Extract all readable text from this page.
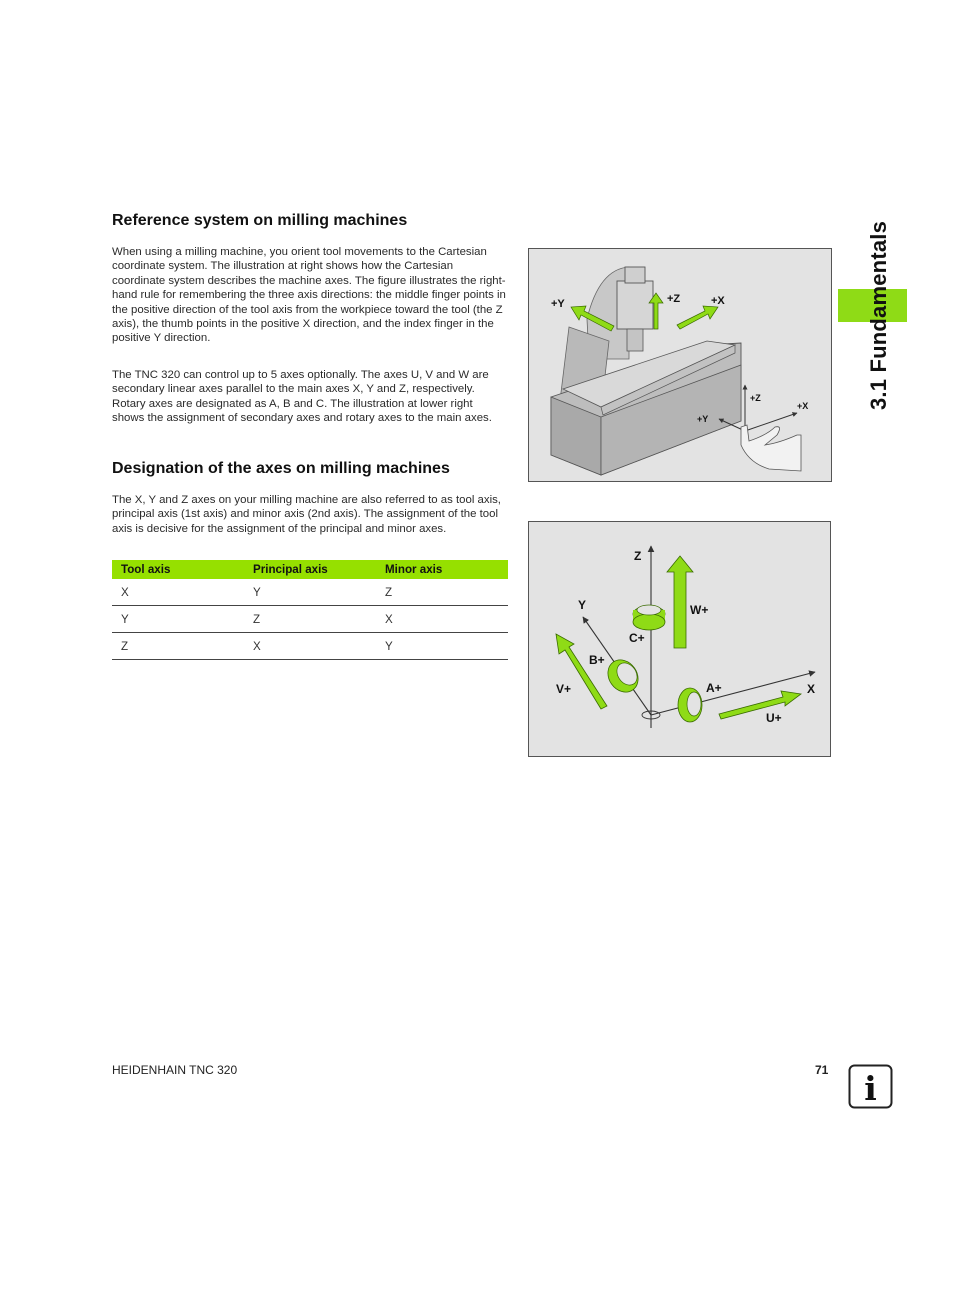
Reference system on milling machines

When using a milling machine, you orient tool movements to the Cartesian coordinate system. The illustration at right shows how the Cartesian coordinate system describes the machine axes. The figure illustrates the right-hand rule for remembering the three axis directions: the middle finger points in the positive direction of the tool axis from the workpiece toward the tool (the Z axis), the thumb points in the positive X direction, and the index finger in the positive Y direction.

The TNC 320 can control up to 5 axes optionally. The axes U, V and W are secondary linear axes parallel to the main axes X, Y and Z, respectively. Rotary axes are designated as A, B and C. The illustration at lower right shows the assignment of secondary axes and rotary axes to the main axes.

Designation of the axes on milling machines

The X, Y and Z axes on your milling machine are also referred to as tool axis, principal axis (1st axis) and minor axis (2nd axis). The assignment of the tool axis is decisive for the assignment of the principal and minor axes.

Tool axis	Principal axis	Minor axis
X	Y	Z
Y	Z	X
Z	X	Y
+Y	+Z	+X
+Z
+X
+Y
Z
Y
X
W+
C+
B+
V+	A+
U+
3.1 Fundamentals
HEIDENHAIN TNC 320	71 i
